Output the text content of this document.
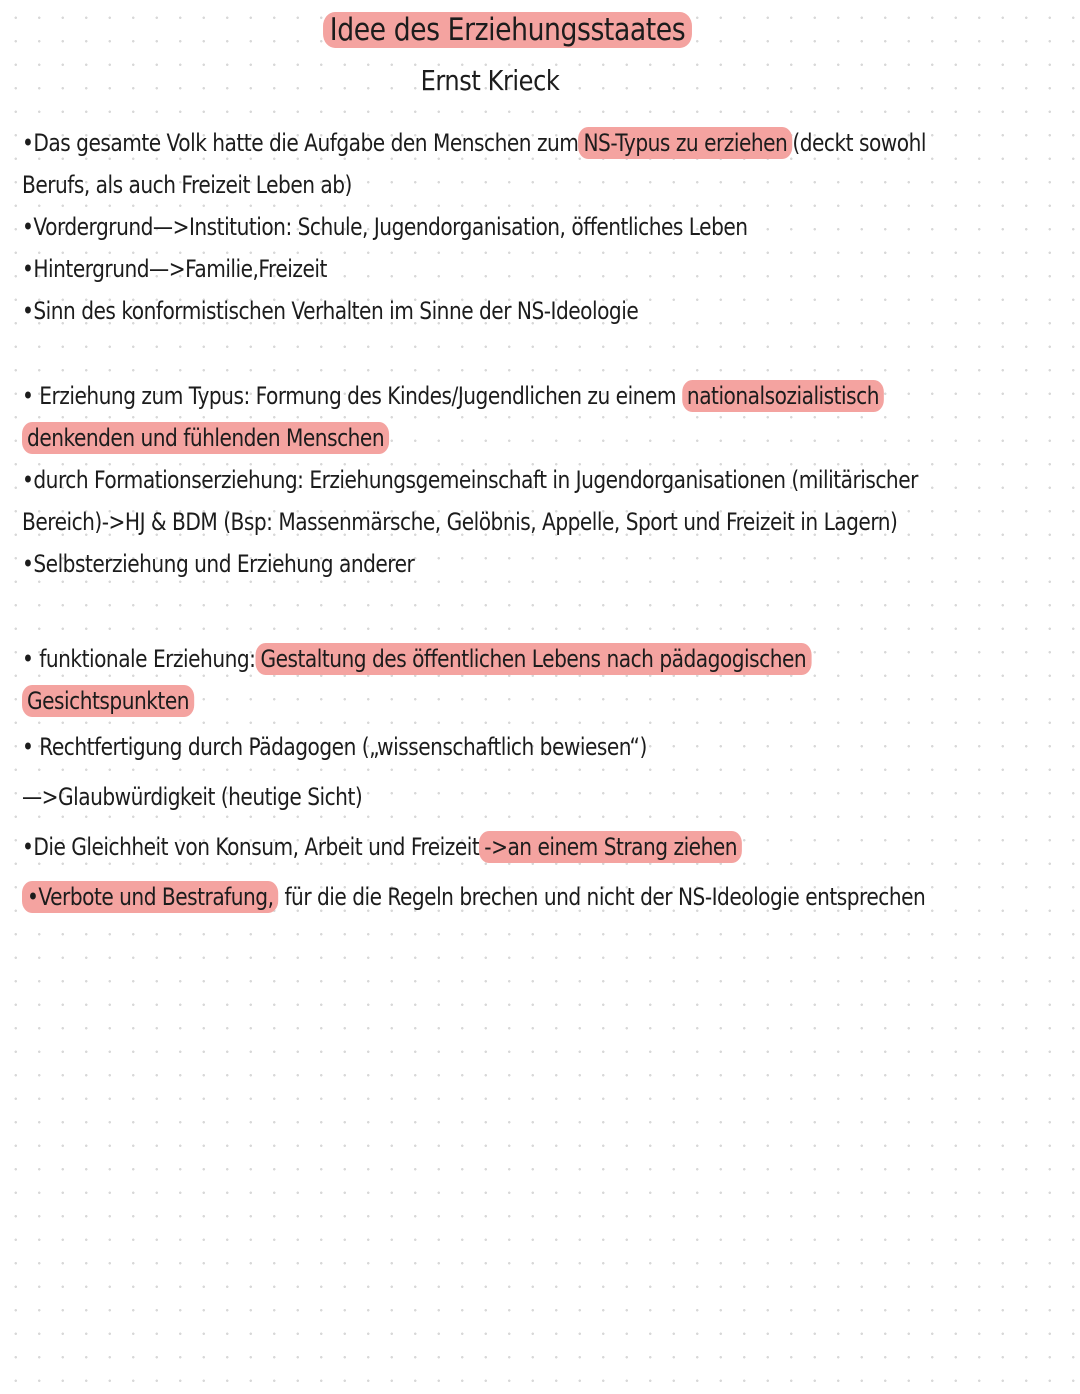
Idee des Erziehungsstaates
Ernst Krieck
•Das gesamte Volk hatte die Aufgabe den Menschen zum NS-Typus zu erziehen (deckt sowohl
Berufs, als auch Freizeit Leben ab)
•Vordergrund—>Institution: Schule, Jugendorganisation, öffentliches Leben
•Hintergrund—>Familie,Freizeit
•Sinn des konformistischen Verhalten im Sinne der NS-Ideologie
• Erziehung zum Typus: Formung des Kindes/Jugendlichen zu einem nationalsozialistisch
denkenden und fühlenden Menschen
•durch Formationserziehung: Erziehungsgemeinschaft in Jugendorganisationen (militärischer
Bereich)->HJ & BDM (Bsp: Massenmärsche, Gelöbnis, Appelle, Sport und Freizeit in Lagern)
•Selbsterziehung und Erziehung anderer
• funktionale Erziehung: Gestaltung des öffentlichen Lebens nach pädagogischen
Gesichtspunkten
• Rechtfertigung durch Pädagogen („wissenschaftlich bewiesen“)
—>Glaubwürdigkeit (heutige Sicht)
•Die Gleichheit von Konsum, Arbeit und Freizeit ->an einem Strang ziehen
•Verbote und Bestrafung, für die die Regeln brechen und nicht der NS-Ideologie entsprechen
